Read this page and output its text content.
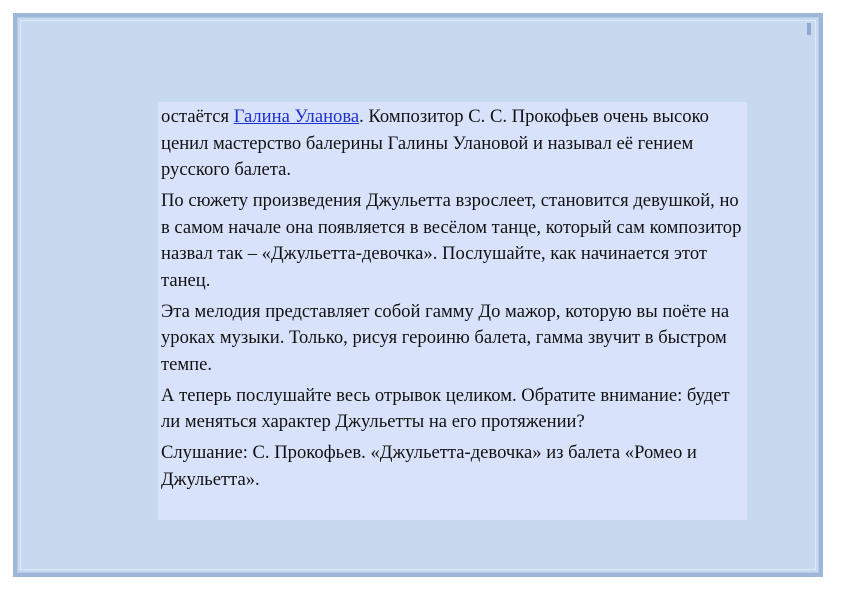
остаётся Галина Уланова. Композитор С. С. Прокофьев очень высоко ценил мастерство балерины Галины Улановой и называл её гением русского балета.

По сюжету произведения Джульетта взрослеет, становится девушкой, но в самом начале она появляется в весёлом танце, который сам композитор назвал так – «Джульетта-девочка». Послушайте, как начинается этот танец.

Эта мелодия представляет собой гамму До мажор, которую вы поёте на уроках музыки. Только, рисуя героиню балета, гамма звучит в быстром темпе.

А теперь послушайте весь отрывок целиком. Обратите внимание: будет ли меняться характер Джульетты на его протяжении?

Слушание: С. Прокофьев. «Джульетта-девочка» из балета «Ромео и Джульетта».
